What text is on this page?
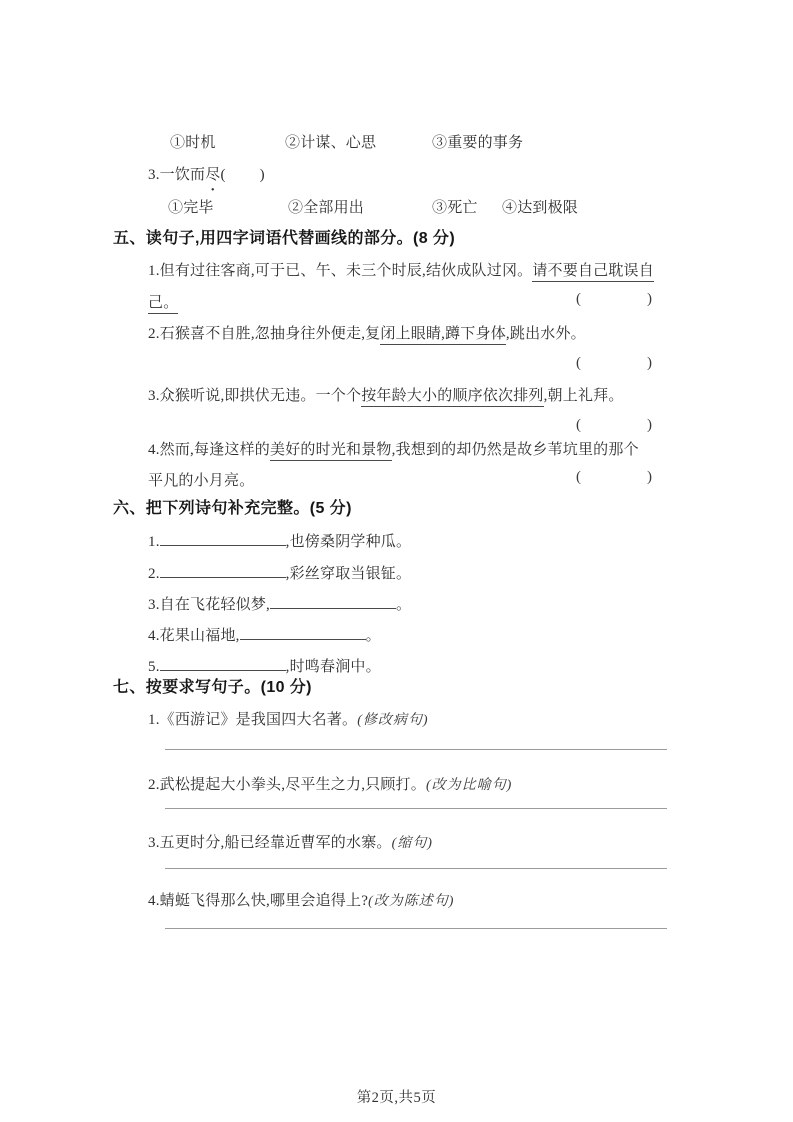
①时机	②计谋、心思	③重要的事务
3.一饮而尽( )
①完毕	②全部用出	③死亡 ④达到极限
五、读句子,用四字词语代替画线的部分。(8 分)
1.但有过往客商,可于已、午、未三个时辰,结伙成队过冈。请不要自己耽误自
己。	(	)
2.石猴喜不自胜,忽抽身往外便走,复闭上眼睛,蹲下身体,跳出水外。
(	)
3.众猴听说,即拱伏无违。一个个按年龄大小的顺序依次排列,朝上礼拜。
(	)
4.然而,每逢这样的美好的时光和景物,我想到的却仍然是故乡苇坑里的那个
平凡的小月亮。	(	)
六、把下列诗句补充完整。(5 分)
1.	,也傍桑阴学种瓜。
2.	,彩丝穿取当银钲。
3.自在飞花轻似梦,	。
4.花果山福地,	。
5.	,时鸣春涧中。
七、按要求写句子。(10 分)
1.《西游记》是我国四大名著。(修改病句)
2.武松提起大小拳头,尽平生之力,只顾打。(改为比喻句)
3.五更时分,船已经靠近曹军的水寨。(缩句)
4.蜻蜓飞得那么快,哪里会追得上?(改为陈述句)
第2页,共5页
